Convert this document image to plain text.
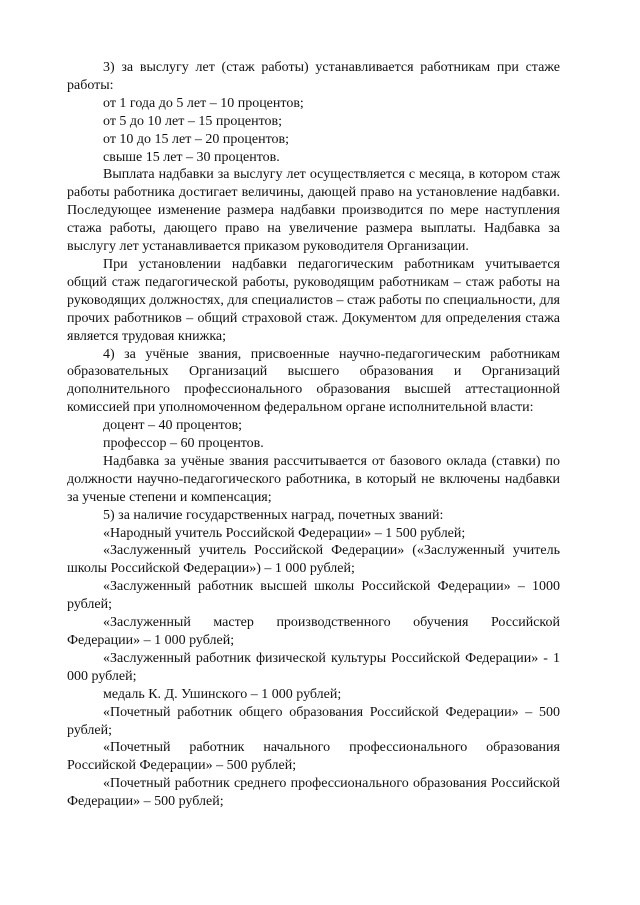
3) за выслугу лет (стаж работы) устанавливается работникам при стаже работы:

от 1 года до 5 лет – 10 процентов;

от 5 до 10 лет – 15 процентов;

от 10 до 15 лет – 20 процентов;

свыше 15 лет – 30 процентов.

Выплата надбавки за выслугу лет осуществляется с месяца, в котором стаж работы работника достигает величины, дающей право на установление надбавки. Последующее изменение размера надбавки производится по мере наступления стажа работы, дающего право на увеличение размера выплаты. Надбавка за выслугу лет устанавливается приказом руководителя Организации.

При установлении надбавки педагогическим работникам учитывается общий стаж педагогической работы, руководящим работникам – стаж работы на руководящих должностях, для специалистов – стаж работы по специальности, для прочих работников – общий страховой стаж. Документом для определения стажа является трудовая книжка;

4) за учёные звания, присвоенные научно-педагогическим работникам образовательных Организаций высшего образования и Организаций дополнительного профессионального образования высшей аттестационной комиссией при уполномоченном федеральном органе исполнительной власти:

доцент – 40 процентов;

профессор – 60 процентов.

Надбавка за учёные звания рассчитывается от базового оклада (ставки) по должности научно-педагогического работника, в который не включены надбавки за ученые степени и компенсация;

5) за наличие государственных наград, почетных званий:

«Народный учитель Российской Федерации» – 1 500 рублей;

«Заслуженный учитель Российской Федерации» («Заслуженный учитель школы Российской Федерации») – 1 000 рублей;

«Заслуженный работник высшей школы Российской Федерации» – 1000 рублей;

«Заслуженный мастер производственного обучения Российской Федерации» – 1 000 рублей;

«Заслуженный работник физической культуры Российской Федерации» - 1 000 рублей;

медаль К. Д. Ушинского – 1 000 рублей;

«Почетный работник общего образования Российской Федерации» – 500 рублей;

«Почетный работник начального профессионального образования Российской Федерации» – 500 рублей;

«Почетный работник среднего профессионального образования Российской Федерации» – 500 рублей;
